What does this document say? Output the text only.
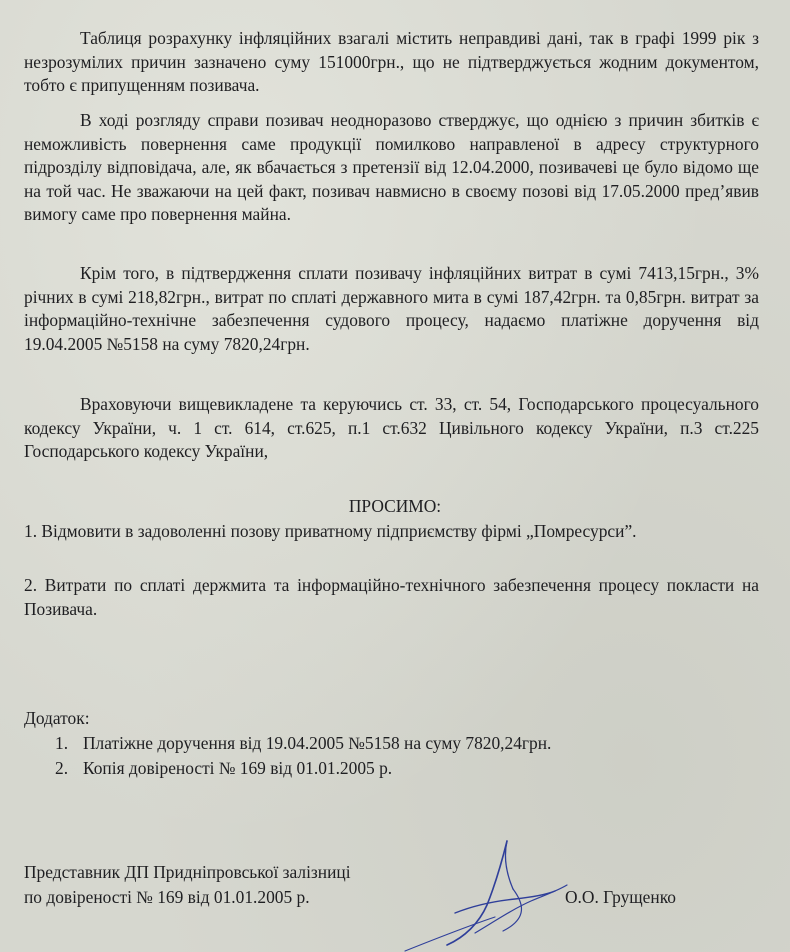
Таблиця розрахунку інфляційних взагалі містить неправдиві дані, так в графі 1999 рік з незрозумілих причин зазначено суму 151000грн., що не підтверджується жодним документом, тобто є припущенням позивача.

В ході розгляду справи позивач неодноразово стверджує, що однією з причин збитків є неможливість повернення саме продукції помилково направленої в адресу структурного підрозділу відповідача, але, як вбачається з претензії від 12.04.2000, позивачеві це було відомо ще на той час. Не зважаючи на цей факт, позивач навмисно в своєму позові від 17.05.2000 пред’явив вимогу саме про повернення майна.

Крім того, в підтвердження сплати позивачу інфляційних витрат в сумі 7413,15грн., 3% річних в сумі 218,82грн., витрат по сплаті державного мита в сумі 187,42грн. та 0,85грн. витрат за інформаційно-технічне забезпечення судового процесу, надаємо платіжне доручення від 19.04.2005 №5158 на суму 7820,24грн.

Враховуючи вищевикладене та керуючись ст. 33, ст. 54, Господарського процесуального кодексу України, ч. 1 ст. 614, ст.625, п.1 ст.632 Цивільного кодексу України, п.3 ст.225 Господарського кодексу України,

ПРОСИМО:

1. Відмовити в задоволенні позову приватному підприємству фірмі „Помресурси”.

2. Витрати по сплаті держмита та інформаційно-технічного забезпечення процесу покласти на Позивача.

Додаток:

1. Платіжне доручення від 19.04.2005 №5158 на суму 7820,24грн.
2. Копія довіреності № 169 від 01.01.2005 р.

Представник ДП Придніпровської залізниці
по довіреності № 169 від 01.01.2005 р.	О.О. Грущенко
